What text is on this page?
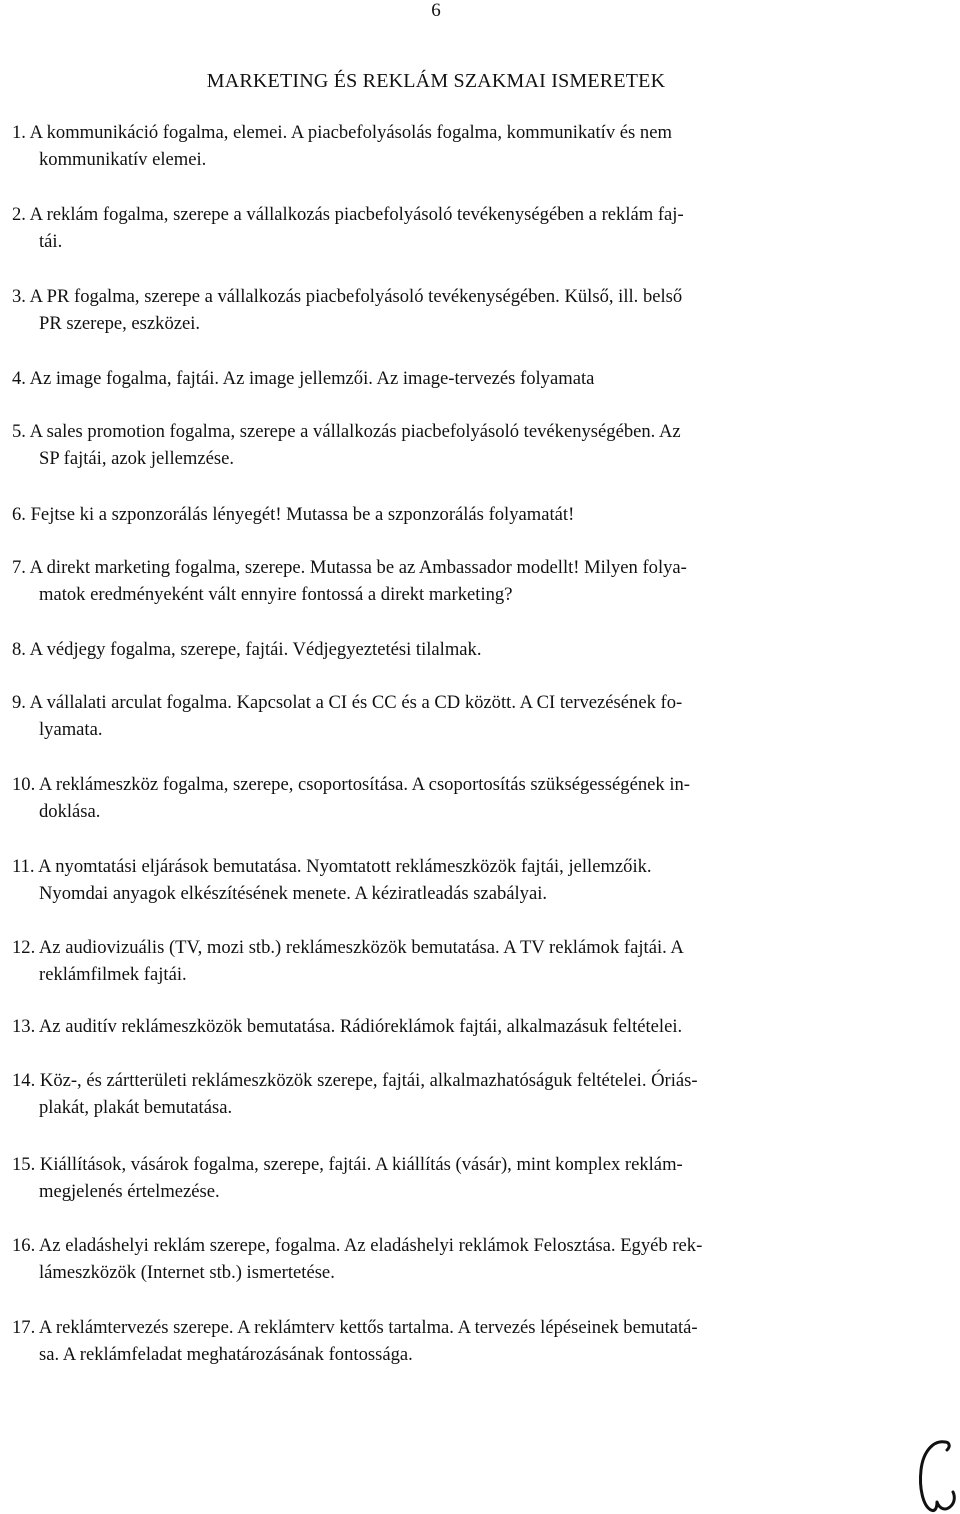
6
MARKETING ÉS REKLÁM SZAKMAI ISMERETEK
1. A kommunikáció fogalma, elemei. A piacbefolyásolás fogalma, kommunikatív és nem
kommunikatív elemei.
2. A reklám fogalma, szerepe a vállalkozás piacbefolyásoló tevékenységében a reklám faj-
tái.
3. A PR fogalma, szerepe a vállalkozás piacbefolyásoló tevékenységében. Külső, ill. belső
PR szerepe, eszközei.
4. Az image fogalma, fajtái. Az image jellemzői. Az image-tervezés folyamata
5. A sales promotion fogalma, szerepe a vállalkozás piacbefolyásoló tevékenységében. Az
SP fajtái, azok jellemzése.
6. Fejtse ki a szponzorálás lényegét! Mutassa be a szponzorálás folyamatát!
7. A direkt marketing fogalma, szerepe. Mutassa be az Ambassador modellt! Milyen folya-
matok eredményeként vált ennyire fontossá a direkt marketing?
8. A védjegy fogalma, szerepe, fajtái. Védjegyeztetési tilalmak.
9. A vállalati arculat fogalma. Kapcsolat a CI és CC és a CD között. A CI tervezésének fo-
lyamata.
10. A reklámeszköz fogalma, szerepe, csoportosítása. A csoportosítás szükségességének in-
doklása.
11. A nyomtatási eljárások bemutatása. Nyomtatott reklámeszközök fajtái, jellemzőik.
Nyomdai anyagok elkészítésének menete. A kéziratleadás szabályai.
12. Az audiovizuális (TV, mozi stb.) reklámeszközök bemutatása. A TV reklámok fajtái. A
reklámfilmek fajtái.
13. Az auditív reklámeszközök bemutatása. Rádióreklámok fajtái, alkalmazásuk feltételei.
14. Köz-, és zártterületi reklámeszközök szerepe, fajtái, alkalmazhatóságuk feltételei. Óriás-
plakát, plakát bemutatása.
15. Kiállítások, vásárok fogalma, szerepe, fajtái. A kiállítás (vásár), mint komplex reklám-
megjelenés értelmezése.
16. Az eladáshelyi reklám szerepe, fogalma. Az eladáshelyi reklámok Felosztása. Egyéb rek-
lámeszközök (Internet stb.) ismertetése.
17. A reklámtervezés szerepe. A reklámterv kettős tartalma. A tervezés lépéseinek bemutatá-
sa. A reklámfeladat meghatározásának fontossága.
